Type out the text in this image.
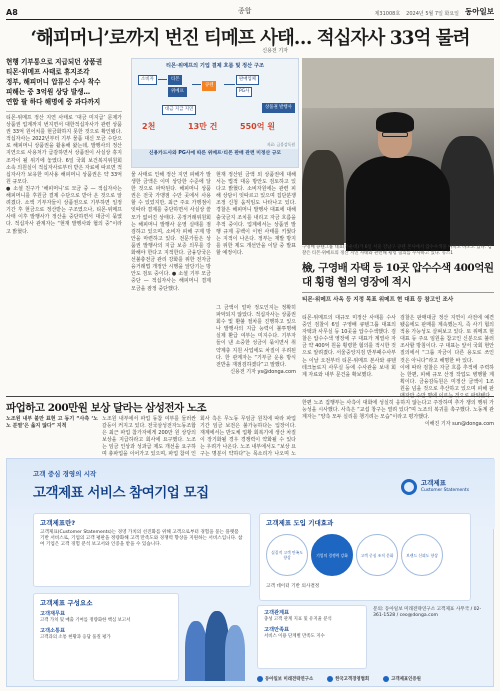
A8	종합	제31008호 2024년 5월 7일 화요일 동아일보
‘해피머니’로까지 번진 티메프 사태… 적십자사 33억 물려
신용전 기자
현행 기부통으로 지급되던 상품권
티몬·위메프 사태로 휴지조각
정부, 해피머니 압류신 수사 착수
피해는 중 3억원 상당 발생…
연합 팔 하다 해명에 중 과다까지
티몬·위메프 정산 지연 사태로 ‘대금 미지급’ 문제가 상품권 업계까지 번지면서 대한적십자사가 관련 상품권 33억 원어치를 현금화하지 못한 것으로 확인됐다. 적십자사는 2022년부터 기부 물품 대신 모금 수단으로 해피머니 상품권을 활용해 왔는데, 발행사의 정산 지연으로 사용처가 급감하면서 상품권이 사실상 휴지조각이 될 위기에 놓였다. 6일 국회 보건복지위원회 소속 의원실이 적십자사로부터 받은 자료에 따르면 적십자사가 보유한 미사용 해피머니 상품권은 약 33억 원 규모다.
● 소셜 친구가 ‘해피머니’로 모금 중 — 적십자사는 해피머니를 후원금 결제 수단으로 받아 온 것으로 알려졌다. 소액 기부자들이 상품권으로 기부하면 일정 기간 후 현금으로 정산받는 구조였으나, 티몬·위메프 사태 이후 발행사가 정산을 중단하면서 대금이 묶였다. 적십자사 관계자는 “현재 발행사와 협의 중”이라고 밝혔다.
티몬·위메프의 기업 결제 흐름 및 정산 구조
소비자	티몬
위메프
큐텐
판매업체
PG사
상품권 발행사
대금 지급 지연
2천	13만 건	550억 원
자료: 금융감독원
신용카드사와 PG사에 따른 위메프·티몬 판매 관련 미정산 규모
물 사태로 인해 정산 지연 피해가 발생한 금액은 이미 상당한 수준에 달한 것으로 파악된다. 해피머니 상품권은 전국 가맹점 수만 곳에서 사용할 수 있었지만, 최근 주요 가맹점이 잇따라 결제를 중단하면서 사실상 쓸모가 없어진 상태다. 공정거래위원회는 해피머니 발행사 운영 실태를 점검하고 있으며, 소비자 피해 구제 방안을 마련하고 있다. 전문가들은 상품권 발행사의 지급 보증 의무를 강화해야 한다고 지적한다. 금융당국은 선불충전금 관리 강화를 위한 전자금융거래법 개정안 시행을 앞당기는 방안도 검토 중이다. ● 소셜 기부 모금 중단 — 적십자사는 해피머니 결제 모금을 잠정 중단했다.
현재 정산된 금액 외 상품권에 대해서는 법적 대응 방안도 검토하고 있다고 밝혔다. 소비자원에는 관련 피해 상담이 잇따르고 있으며 집단분쟁조정 신청 움직임도 나타나고 있다. 경찰은 해피머니 발행사 대표에 대해 출국금지 조치를 내리고 자금 흐름을 추적 중이다. 업계에서는 상품권 발행 규제 공백이 이번 사태를 키웠다는 지적이 나온다. 정부는 재발 방지를 위한 제도 개선안을 이달 중 발표할 예정이다.
그 금액이 얼마 정도인지는 정확히 파악되지 않았다. 적십자사는 상품권 회수 및 환불 절차를 진행하고 있으나 발행사의 지급 능력이 불투명해 실제 환급 여부는 미지수다. 기부자들이 낸 소중한 성금이 묶이면서 취약계층 지원 사업에도 차질이 우려된다. 한 관계자는 “기부금 운용 방식 전반을 재점검하겠다”고 말했다.
신용전 기자 ys@donga.com
구영배 큐텐그룹 대표(가운데)가 6일 서울 강남구 큐텐 본사에서 압수수색을 마치고 나오고 있다. 검찰은 티몬·위메프의 정산 지연 사태와 관련해 횡령 혐의를 수사하고 있다. 뉴스1
檢, 구영배 자택 등 10곳 압수수색 400억원대 횡령 혐의 영장에 적시
티몬·위메프 사옥 등 지정 목표 위메프 현 대표 등 참고인 조사
티몬·위메프의 대규모 미정산 사태를 수사 중인 검찰이 6일 구영배 큐텐그룹 대표의 자택과 사무실 등 10곳을 압수수색했다. 검찰은 압수수색 영장에 구 대표가 계열사 자금 약 400억 원을 횡령한 혐의를 적시한 것으로 알려졌다. 서울중앙지검 반부패수사부는 이날 오전부터 티몬·위메프 본사와 큐텐테크놀로지 사무실 등에 수사관을 보내 회계 자료와 내부 문건을 확보했다.
검찰은 판매대금 정산 지연이 사전에 예견됐음에도 판매를 계속했는지, 즉 사기 혐의 적용 가능성도 살펴보고 있다. 또 위메프 현 대표 등 주요 임원을 참고인 신분으로 불러 조사할 방침이다. 구 대표는 앞서 국회 현안 질의에서 “그룹 자금이 다른 용도로 쓰인 것은 아니다”라고 해명한 바 있다.
이에 따라 검찰은 자금 흐름 추적에 주력하는 한편, 피해 규모 산정 작업도 병행할 계획이다. 금융감독원은 미정산 금액이 1조 원을 넘을 것으로 추산하고 있으며 피해 판
파업하고 200만원 보상 달라는 삼성전자 노조
노조원 내부 불만 표현 고 동기 “사측 ‘노노 분열’은 옳지 않다” 지적
노조원 내부에서 파업 동참 여부를 둘러싼 갈등이 커지고 있다. 전국삼성전자노동조합은 최근 파업 참가자에게 200만 원 상당의 보상을 지급하라고 회사에 요구했다. 노조는 임금 인상과 성과급 제도 개선을 요구하며 총파업을 이어가고 있으며, 파업 참여 인
회사 측은 무노동 무임금 원칙에 따라 파업 기간 임금 보전은 불가능하다는 입장이다. 재계에서는 반도체 업황 회복기에 생산 차질이 장기화될 경우 경쟁력이 약화될 수 있다는 우려가 나온다. 노조 내부에서도 “보상 요구는 명분이 약하다”는 목소리가 나오며 노
한편 노조 집행부는 사측이 대화에 성실히 응하지 않는다고 주장하며 추가 쟁의 행위 가능성을 시사했다. 사측은 “교섭 창구는 열려 있다”며 노조의 복귀를 촉구했다. 노동계 관계자는 “양측 모두 실리를 챙기려는 모습”이라고 평가했다.
이해진 기자 sun@donga.com
고객 중심 경영의 시작
고객제표 서비스 참여기업 모집
고객제표
Customer Statements
고객제표란?
고객제표(Customer Statements)는 경영 가치의 선진화를 위해 고객으로부터 경험을 묻는 플랫폼 기반 서비스로, 기업의 고객 평판을 정량화해 고객 만족도와 경쟁력 향상을 지원하는 서비스입니다. 참여 기업은 고객 경험 분석 보고서와 인증을 받을 수 있습니다.
고객제표 도입 기대효과
실질적 고객 만족도 향상	기업의 경쟁력 강화	고객 중심 조직 문화	브랜드 신뢰도 향상
고객 데이터 기반 의사결정
고객제표 구성요소
고객재무표
고객 가치 및 매출 기여를 정량화한 핵심 보고서
고객소통표
고객과의 소통 현황과 응답 품질 평가
고객관계표
충성 고객 관계 지표 및 유지율 분석
고객만족표
서비스 이용 단계별 만족도 지수
문의: 동아일보 미래전략연구소 고객제표 사무국 / 02-361-1528 / ceo@donga.com
동아일보 미래전략연구소	한국고객경영협회	고객제표인증원
